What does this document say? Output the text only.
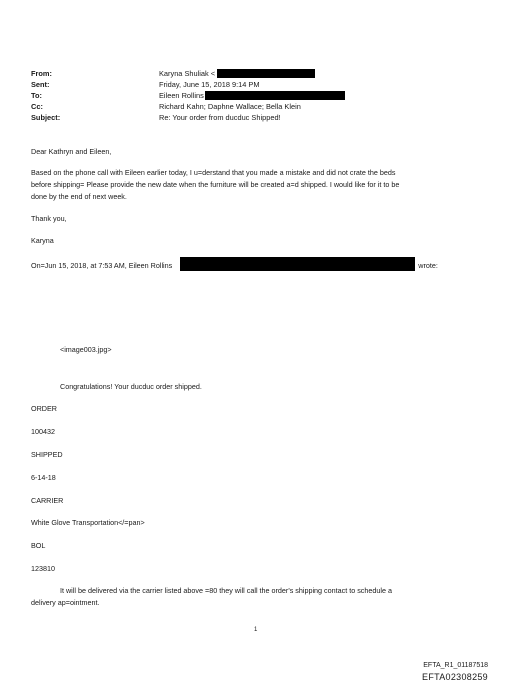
From:	Karyna Shuliak <
Sent:	Friday, June 15, 2018 9:14 PM
To:	Eileen Rollins
Cc:	Richard Kahn; Daphne Wallace; Bella Klein
Subject:	Re: Your order from ducduc Shipped!
Dear Kathryn and Eileen,
Based on the phone call with Eileen earlier today, I u=derstand that you made a mistake and did not crate the beds
before shipping= Please provide the new date when the furniture will be created a=d shipped. I would like for it to be
done by the end of next week.
Thank you,
Karyna
On=Jun 15, 2018, at 7:53 AM, Eileen Rollins	wrote:
<image003.jpg>
Congratulations! Your ducduc order shipped.
ORDER
100432
SHIPPED
6-14-18
CARRIER
White Glove Transportation</=pan>
BOL
123810
It will be delivered via the carrier listed above =80 they will call the order's shipping contact to schedule a
delivery ap=ointment.
1
EFTA_R1_01187518
EFTA02308259
